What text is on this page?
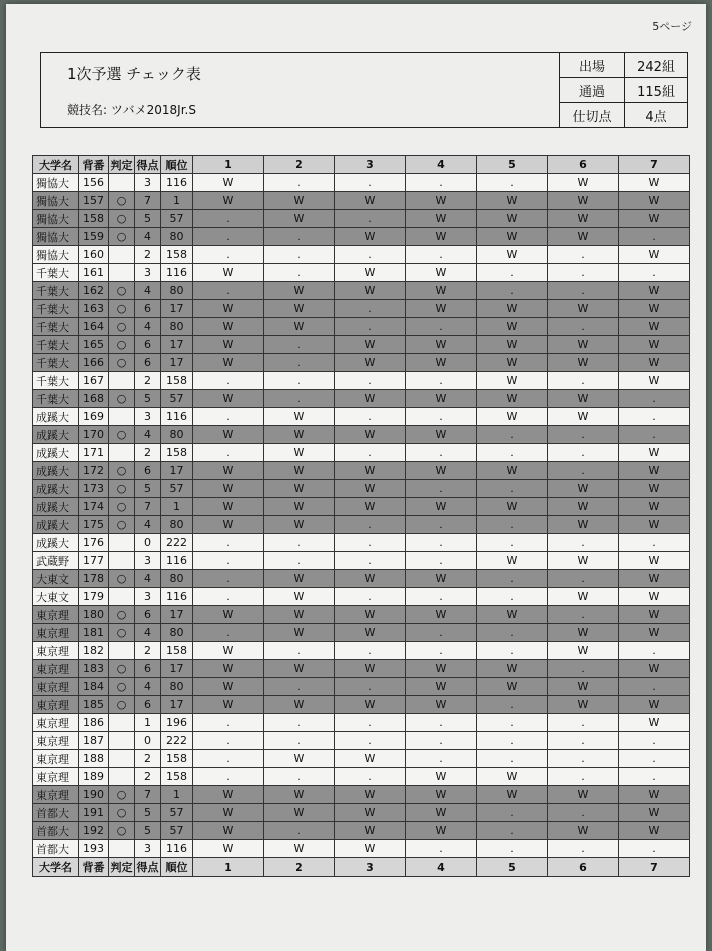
5ページ
1次予選 チェック表
競技名: ツバメ2018Jr.S
出場	242組
通過	115組
仕切点	4点
大学名	背番	判定	得点	順位	1	2	3	4	5	6	7
獨協大	156		3	116	W	.	.	.	.	W	W
獨協大	157	○	7	1	W	W	W	W	W	W	W
獨協大	158	○	5	57	.	W	.	W	W	W	W
獨協大	159	○	4	80	.	.	W	W	W	W	.
獨協大	160		2	158	.	.	.	.	W	.	W
千葉大	161		3	116	W	.	W	W	.	.	.
千葉大	162	○	4	80	.	W	W	W	.	.	W
千葉大	163	○	6	17	W	W	.	W	W	W	W
千葉大	164	○	4	80	W	W	.	.	W	.	W
千葉大	165	○	6	17	W	.	W	W	W	W	W
千葉大	166	○	6	17	W	.	W	W	W	W	W
千葉大	167		2	158	.	.	.	.	W	.	W
千葉大	168	○	5	57	W	.	W	W	W	W	.
成蹊大	169		3	116	.	W	.	.	W	W	.
成蹊大	170	○	4	80	W	W	W	W	.	.	.
成蹊大	171		2	158	.	W	.	.	.	.	W
成蹊大	172	○	6	17	W	W	W	W	W	.	W
成蹊大	173	○	5	57	W	W	W	.	.	W	W
成蹊大	174	○	7	1	W	W	W	W	W	W	W
成蹊大	175	○	4	80	W	W	.	.	.	W	W
成蹊大	176		0	222	.	.	.	.	.	.	.
武蔵野	177		3	116	.	.	.	.	W	W	W
大東文	178	○	4	80	.	W	W	W	.	.	W
大東文	179		3	116	.	W	.	.	.	W	W
東京理	180	○	6	17	W	W	W	W	W	.	W
東京理	181	○	4	80	.	W	W	.	.	W	W
東京理	182		2	158	W	.	.	.	.	W	.
東京理	183	○	6	17	W	W	W	W	W	.	W
東京理	184	○	4	80	W	.	.	W	W	W	.
東京理	185	○	6	17	W	W	W	W	.	W	W
東京理	186		1	196	.	.	.	.	.	.	W
東京理	187		0	222	.	.	.	.	.	.	.
東京理	188		2	158	.	W	W	.	.	.	.
東京理	189		2	158	.	.	.	W	W	.	.
東京理	190	○	7	1	W	W	W	W	W	W	W
首都大	191	○	5	57	W	W	W	W	.	.	W
首都大	192	○	5	57	W	.	W	W	.	W	W
首都大	193		3	116	W	W	W	.	.	.	.
大学名	背番	判定	得点	順位	1	2	3	4	5	6	7
